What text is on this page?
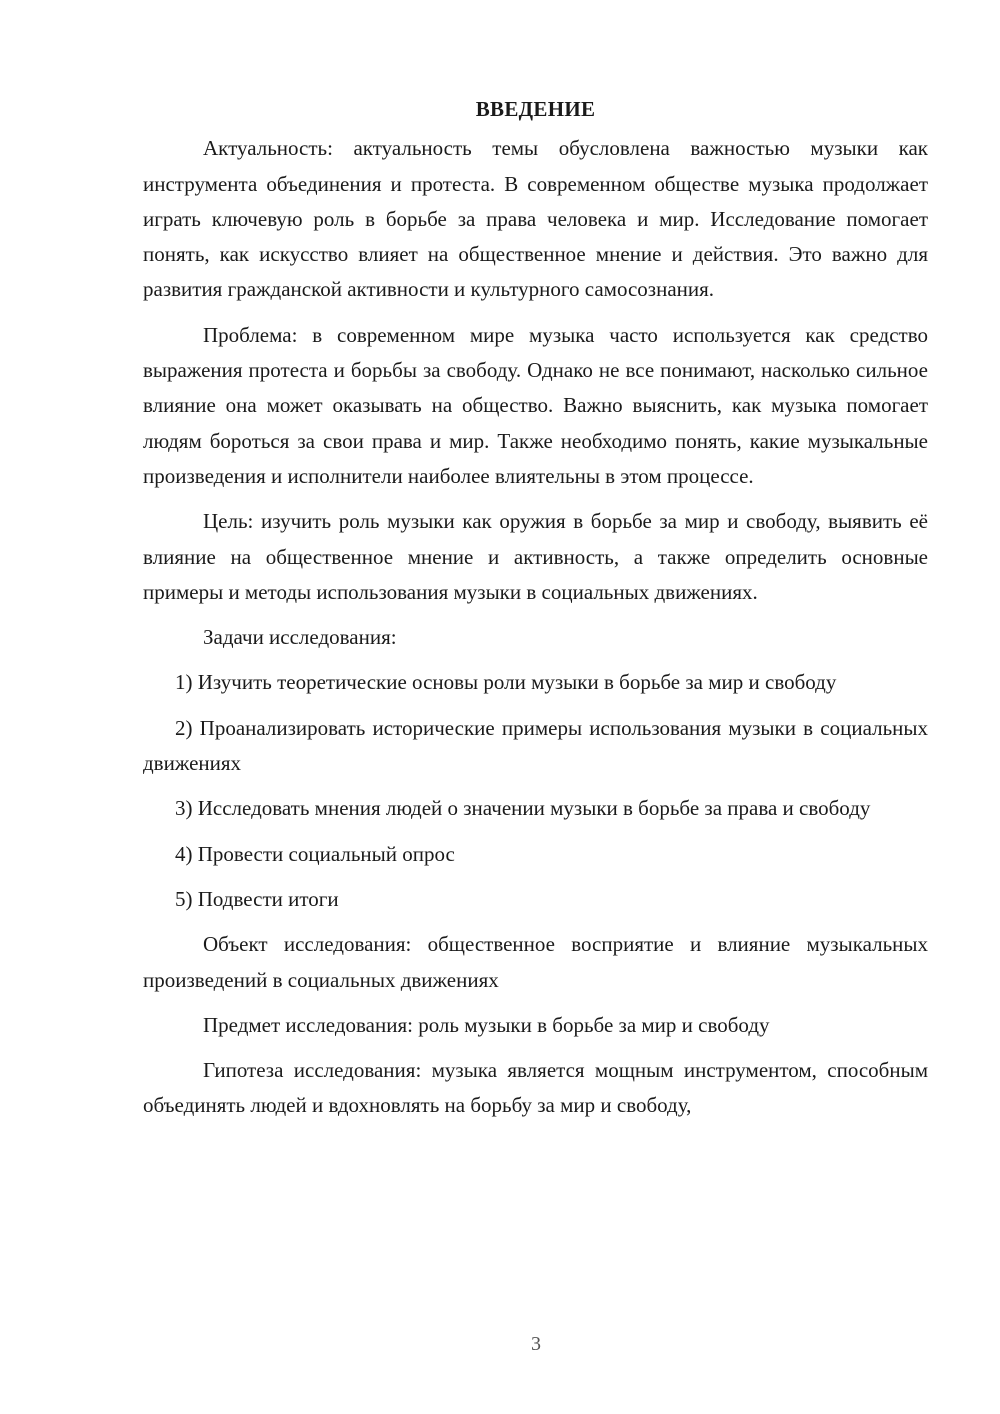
ВВЕДЕНИЕ

Актуальность: актуальность темы обусловлена важностью музыки как инструмента объединения и протеста. В современном обществе музыка продолжает играть ключевую роль в борьбе за права человека и мир. Исследование помогает понять, как искусство влияет на общественное мнение и действия. Это важно для развития гражданской активности и культурного самосознания.

Проблема: в современном мире музыка часто используется как средство выражения протеста и борьбы за свободу. Однако не все понимают, насколько сильное влияние она может оказывать на общество. Важно выяснить, как музыка помогает людям бороться за свои права и мир. Также необходимо понять, какие музыкальные произведения и исполнители наиболее влиятельны в этом процессе.

Цель: изучить роль музыки как оружия в борьбе за мир и свободу, выявить её влияние на общественное мнение и активность, а также определить основные примеры и методы использования музыки в социальных движениях.

Задачи исследования:

1) Изучить теоретические основы роли музыки в борьбе за мир и свободу

2) Проанализировать исторические примеры использования музыки в социальных движениях

3) Исследовать мнения людей о значении музыки в борьбе за права и свободу

4) Провести социальный опрос

5) Подвести итоги

Объект исследования: общественное восприятие и влияние музыкальных произведений в социальных движениях

Предмет исследования: роль музыки в борьбе за мир и свободу

Гипотеза исследования: музыка является мощным инструментом, способным объединять людей и вдохновлять на борьбу за мир и свободу,

3
